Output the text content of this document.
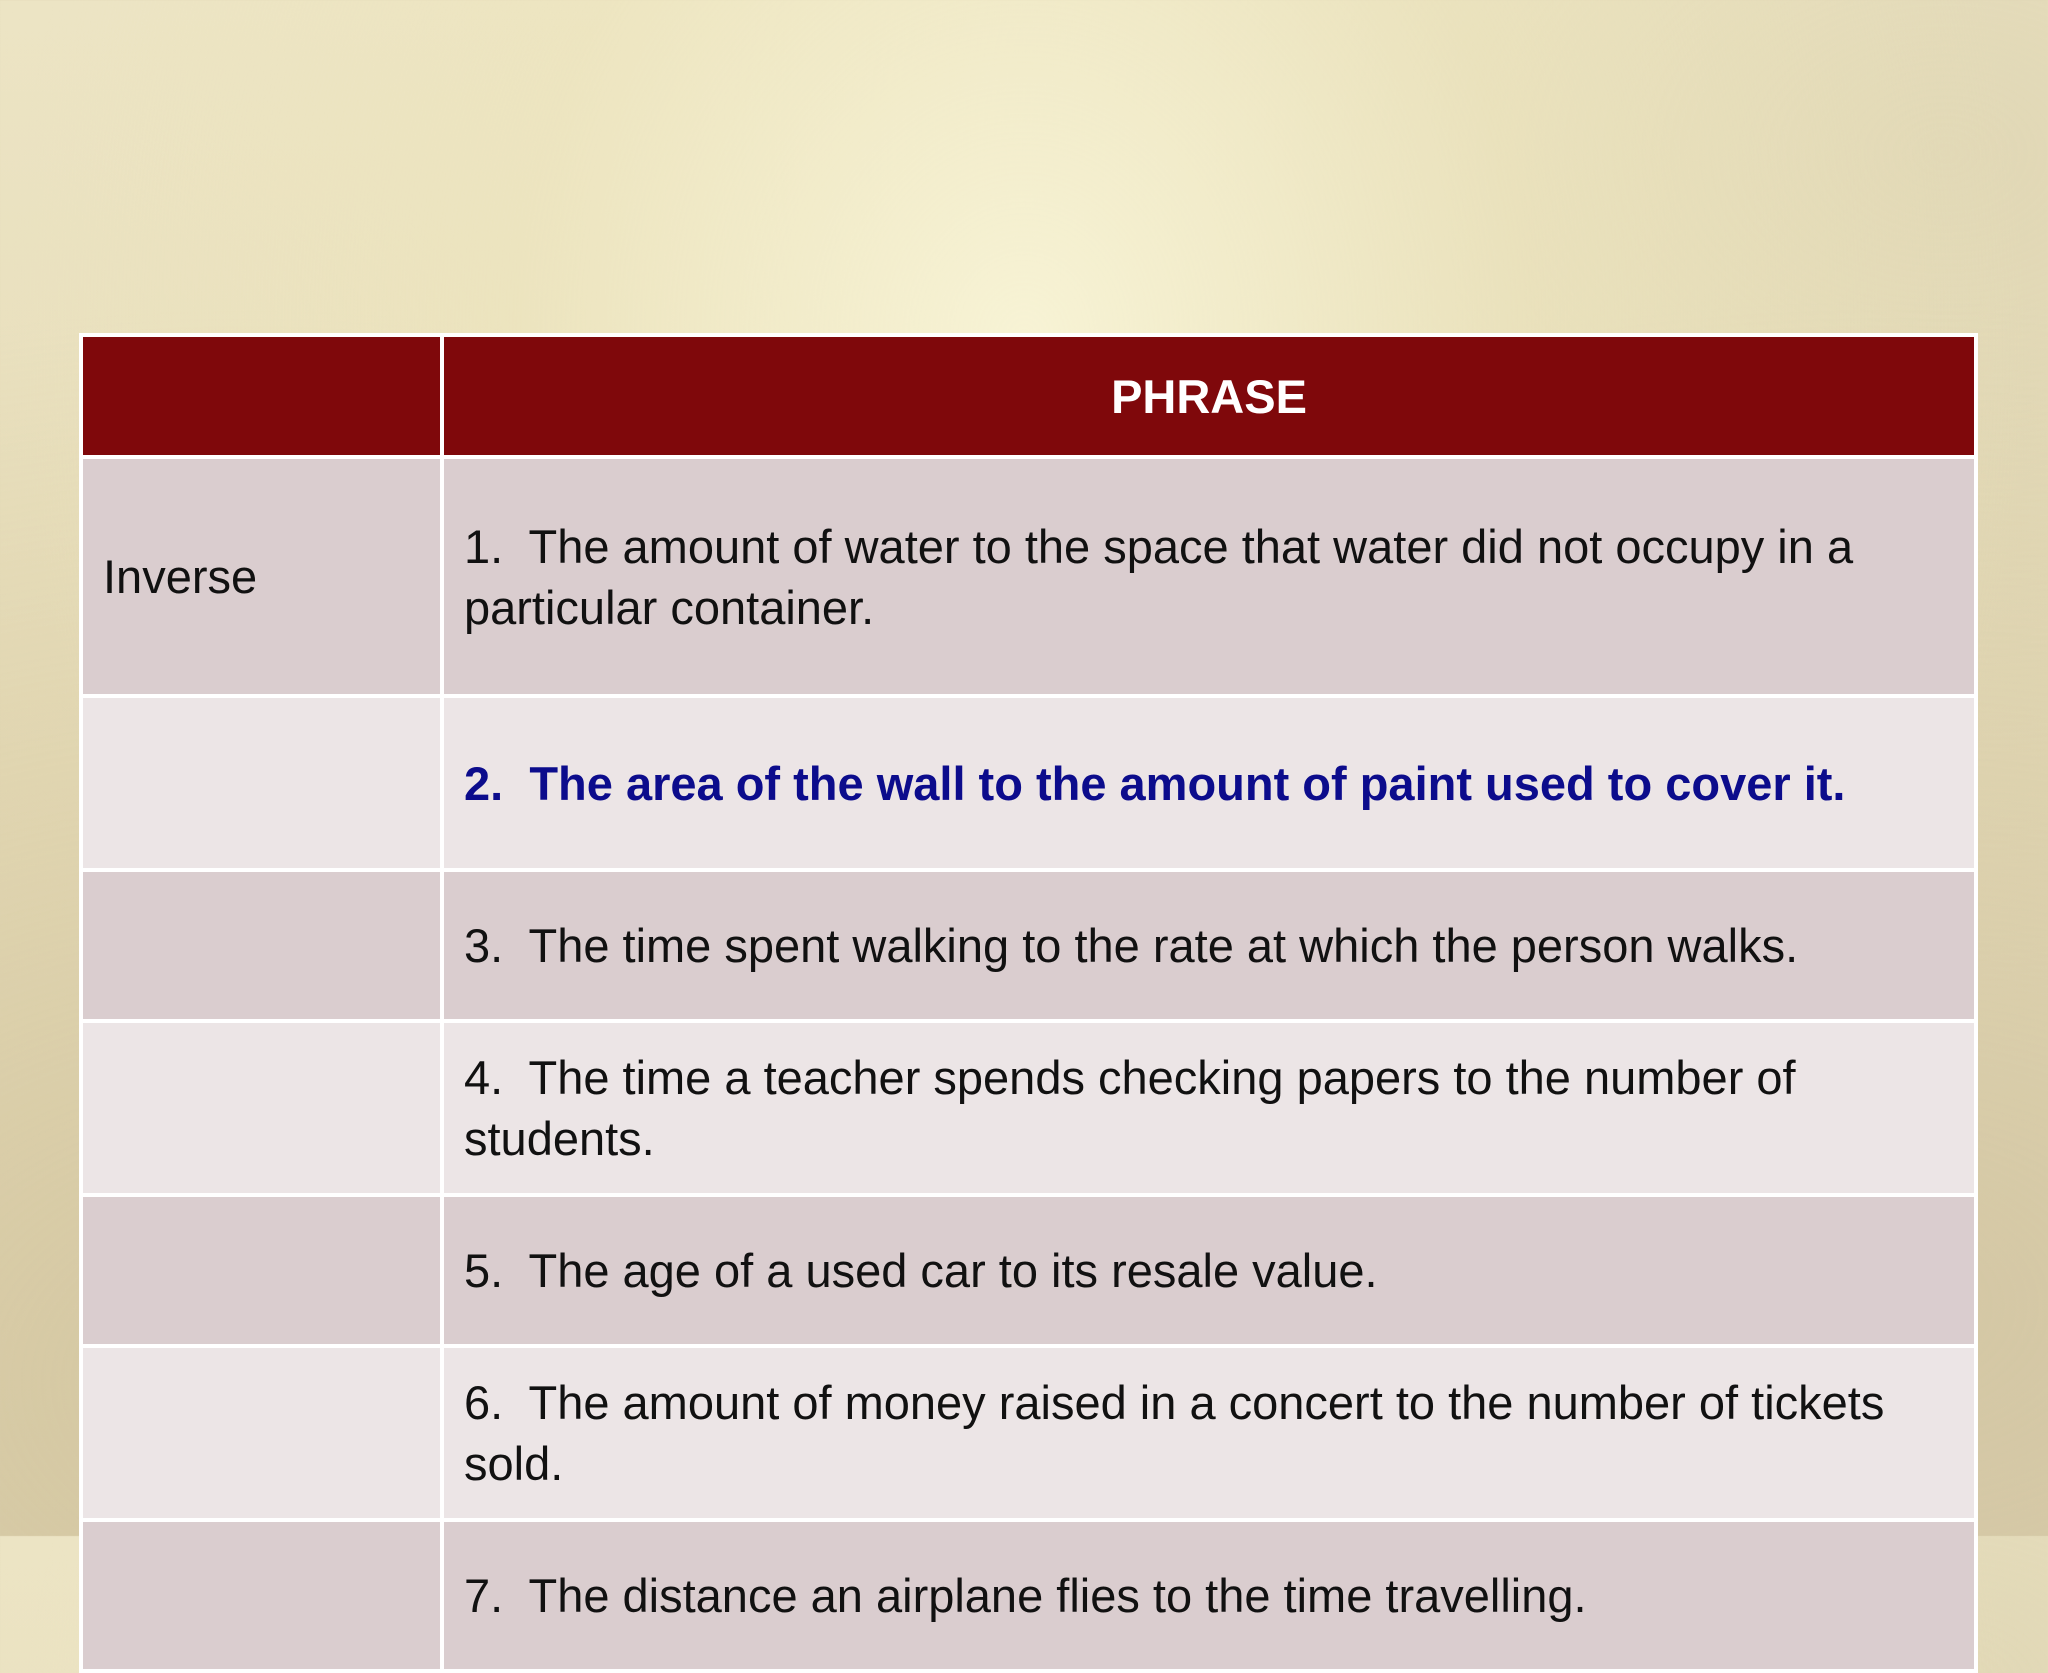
	PHRASE
Inverse	1. The amount of water to the space that water did not occupy in a particular container.
	2. The area of the wall to the amount of paint used to cover it.
	3. The time spent walking to the rate at which the person walks.
	4. The time a teacher spends checking papers to the number of students.
	5. The age of a used car to its resale value.
	6. The amount of money raised in a concert to the number of tickets sold.
	7. The distance an airplane flies to the time travelling.
